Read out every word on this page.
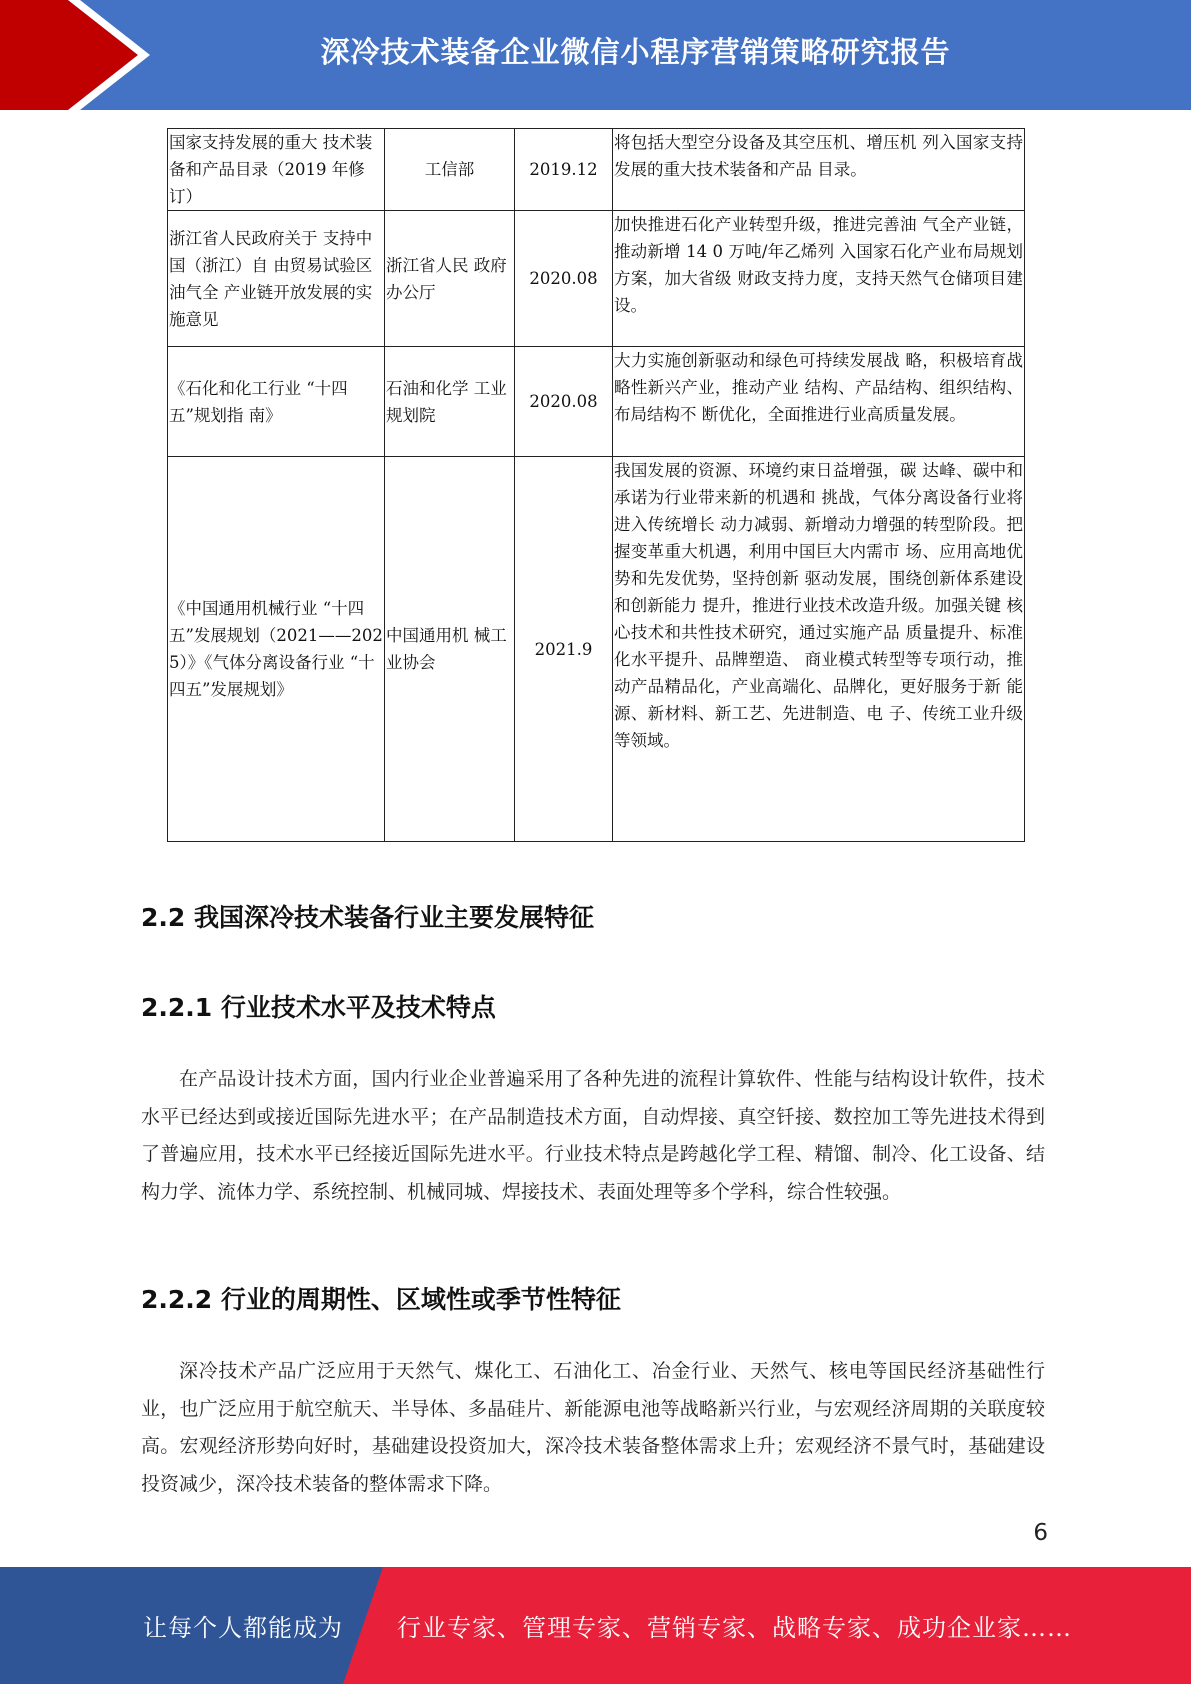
深冷技术装备企业微信小程序营销策略研究报告
国家支持发展的重大 技术装备和产品目录（2019 年修订）	工信部	2019.12	将包括大型空分设备及其空压机、增压机 列入国家支持发展的重大技术装备和产品 目录。
浙江省人民政府关于 支持中国（浙江）自 由贸易试验区油气全 产业链开放发展的实 施意见	浙江省人民 政府办公厅	2020.08	加快推进石化产业转型升级，推进完善油 气全产业链，推动新增 14 0 万吨/年乙烯列 入国家石化产业布局规划方案，加大省级 财政支持力度，支持天然气仓储项目建 设。
《石化和化工行业 “十四五”规划指 南》	石油和化学 工业规划院	2020.08	大力实施创新驱动和绿色可持续发展战 略，积极培育战略性新兴产业，推动产业 结构、产品结构、组织结构、布局结构不 断优化，全面推进行业高质量发展。
《中国通用机械行业 “十四五”发展规划（2021——2025）》《气体分离设备行业 “十四五”发展规划》	中国通用机 械工业协会	2021.9	我国发展的资源、环境约束日益增强，碳 达峰、碳中和承诺为行业带来新的机遇和 挑战，气体分离设备行业将进入传统增长 动力减弱、新增动力增强的转型阶段。把 握变革重大机遇，利用中国巨大内需市 场、应用高地优势和先发优势，坚持创新 驱动发展，围绕创新体系建设和创新能力 提升，推进行业技术改造升级。加强关键 核心技术和共性技术研究，通过实施产品 质量提升、标准化水平提升、品牌塑造、 商业模式转型等专项行动，推动产品精品化，产业高端化、品牌化，更好服务于新 能源、新材料、新工艺、先进制造、电 子、传统工业升级等领域。
2.2 我国深冷技术装备行业主要发展特征
2.2.1 行业技术水平及技术特点

在产品设计技术方面，国内行业企业普遍采用了各种先进的流程计算软件、性能与结构设计软件，技术水平已经达到或接近国际先进水平；在产品制造技术方面，自动焊接、真空钎接、数控加工等先进技术得到了普遍应用，技术水平已经接近国际先进水平。行业技术特点是跨越化学工程、精馏、制冷、化工设备、结构力学、流体力学、系统控制、机械同城、焊接技术、表面处理等多个学科，综合性较强。

2.2.2 行业的周期性、区域性或季节性特征

深冷技术产品广泛应用于天然气、煤化工、石油化工、冶金行业、天然气、核电等国民经济基础性行业，也广泛应用于航空航天、半导体、多晶硅片、新能源电池等战略新兴行业，与宏观经济周期的关联度较高。宏观经济形势向好时，基础建设投资加大，深冷技术装备整体需求上升；宏观经济不景气时，基础建设投资减少，深冷技术装备的整体需求下降。

6
让每个人都能成为 行业专家、管理专家、营销专家、战略专家、成功企业家……
